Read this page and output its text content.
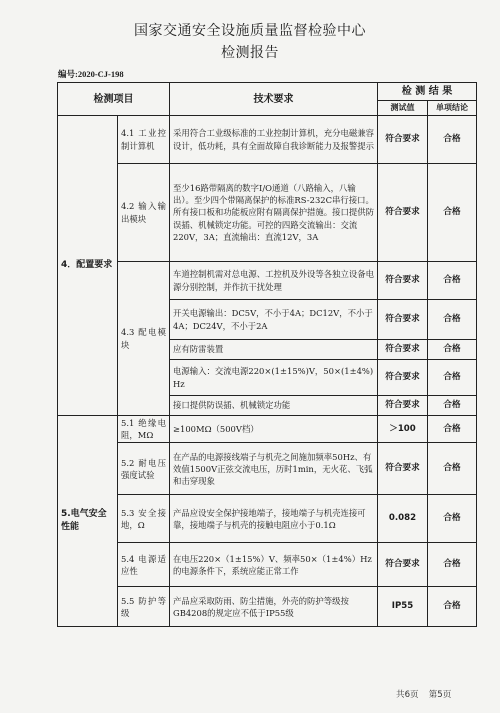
国家交通安全设施质量监督检验中心
检测报告
编号:2020-CJ-198
检测项目		技术要求	检 测 结 果	
			测试值	单项结论
4．配置要求	4.1 工业控制计算机	采用符合工业级标准的工业控制计算机，充分电磁兼容设计，低功耗，具有全面故障自我诊断能力及报警提示	符合要求	合格
	4.2 输入输出模块	至少16路带隔离的数字I/O通道（八路输入，八输出）。至少四个带隔离保护的标准RS-232C串行接口。所有接口板和功能板应附有隔离保护措施。接口提供防误插、机械锁定功能。可控的四路交流输出：交流220V，3A；直流输出：直流12V，3A	符合要求	合格
	4.3 配电模块	车道控制机需对总电源、工控机及外设等各独立设备电源分别控制，并作抗干扰处理	符合要求	合格
		开关电源输出：DC5V，不小于4A；DC12V，不小于4A；DC24V，不小于2A	符合要求	合格
		应有防雷装置	符合要求	合格
		电源输入：交流电源220×(1±15%)V，50×(1±4%) Hz	符合要求	合格
		接口提供防误插、机械锁定功能	符合要求	合格
5.电气安全性能	5.1 绝缘电阻，MΩ	≥100MΩ（500V档）	＞100	合格
	5.2 耐电压强度试验	在产品的电源接线端子与机壳之间施加频率50Hz、有效值1500V正弦交流电压，历时1min，无火花、飞弧和击穿现象	符合要求	合格
	5.3 安全接地，Ω	产品应设安全保护接地端子，接地端子与机壳连接可靠，接地端子与机壳的接触电阻应小于0.1Ω	0.082	合格
	5.4 电源适应性	在电压220×（1±15%）V、频率50×（1±4%）Hz的电源条件下，系统应能正常工作	符合要求	合格
	5.5 防护等级	产品应采取防雨、防尘措施，外壳的防护等级按GB4208的规定应不低于IP55级	IP55	合格
共6页 第5页
